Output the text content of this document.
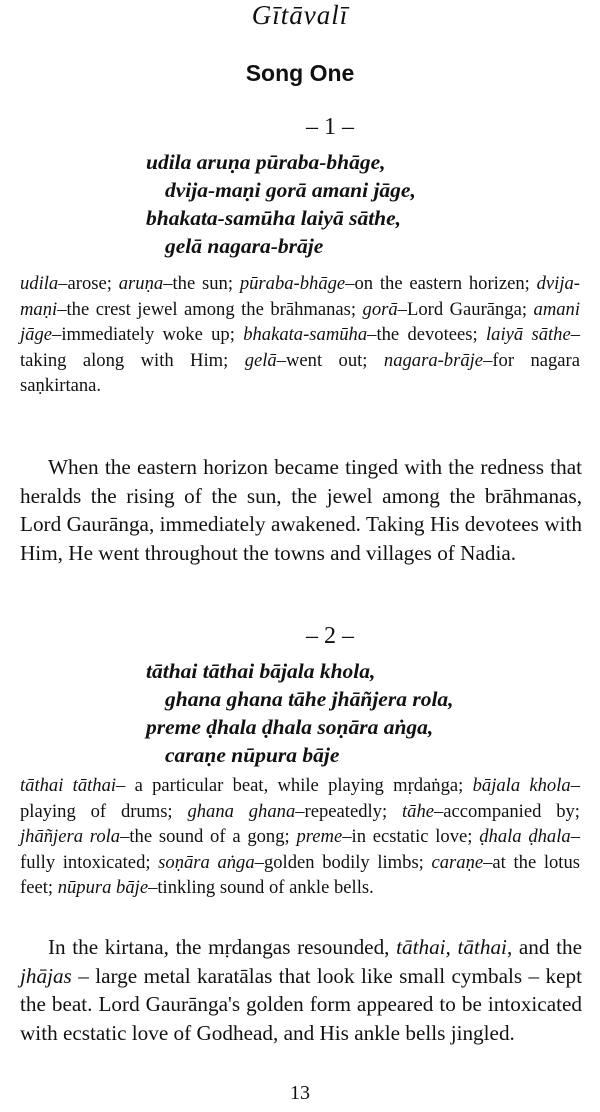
Gītāvalī
Song One
– 1 –
udila aruṇa pūraba-bhāge,
dvija-maṇi gorā amani jāge,
bhakata-samūha laiyā sāthe,
gelā nagara-brāje
udila–arose; aruṇa–the sun; pūraba-bhāge–on the eastern horizen; dvija-maṇi–the crest jewel among the brāhmanas; gorā–Lord Gaurānga; amani jāge–immediately woke up; bhakata-samūha–the devotees; laiyā sāthe–taking along with Him; gelā–went out; nagara-brāje–for nagara saṇkirtana.
When the eastern horizon became tinged with the redness that heralds the rising of the sun, the jewel among the brāhmanas, Lord Gaurānga, immediately awakened. Taking His devotees with Him, He went throughout the towns and villages of Nadia.
– 2 –
tāthai tāthai bājala khola,
ghana ghana tāhe jhāñjera rola,
preme ḍhala ḍhala soṇāra aṅga,
caraṇe nūpura bāje
tāthai tāthai– a particular beat, while playing mṛdaṅga; bājala khola–playing of drums; ghana ghana–repeatedly; tāhe–accompanied by; jhāñjera rola–the sound of a gong; preme–in ecstatic love; ḍhala ḍhala– fully intoxicated; soṇāra aṅga–golden bodily limbs; caraṇe–at the lotus feet; nūpura bāje–tinkling sound of ankle bells.
In the kirtana, the mṛdangas resounded, tāthai, tāthai, and the jhājas – large metal karatālas that look like small cymbals – kept the beat. Lord Gaurānga's golden form appeared to be intoxicated with ecstatic love of Godhead, and His ankle bells jingled.
13
